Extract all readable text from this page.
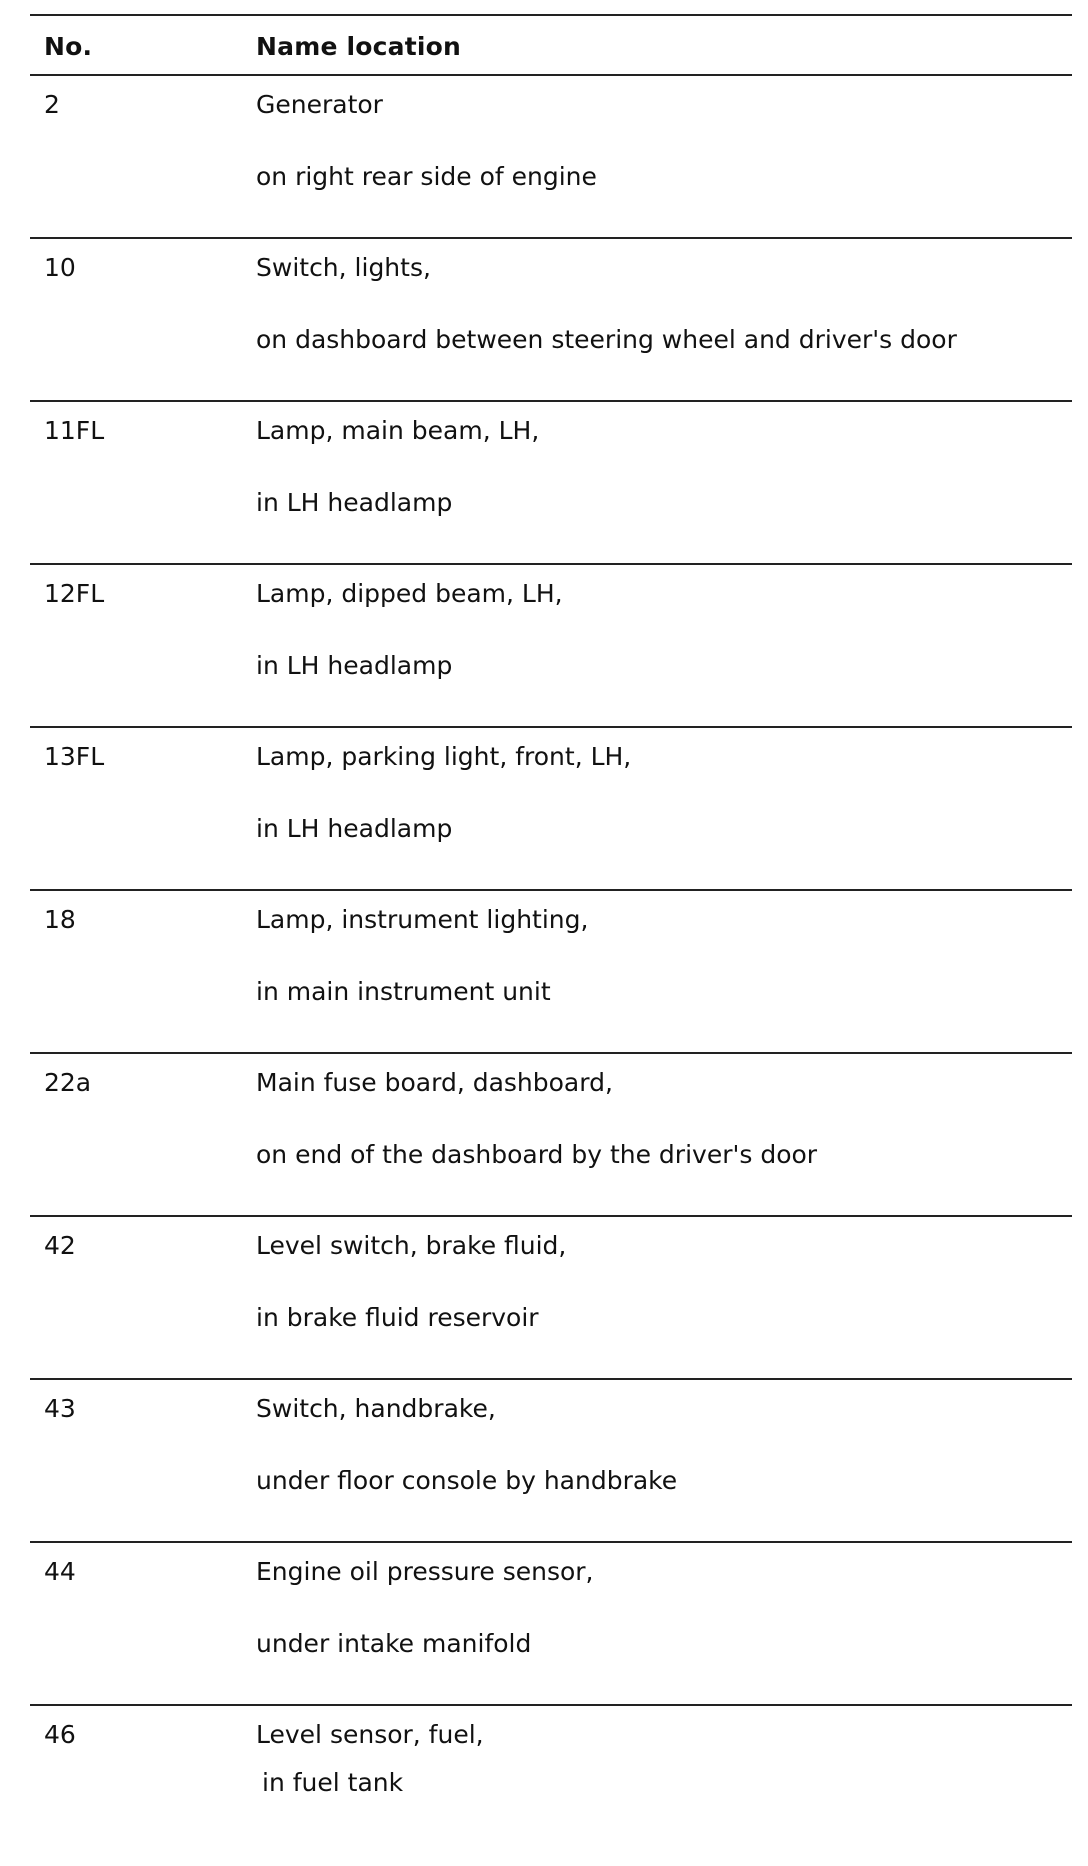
No.	Name location
2	Generator
on right rear side of engine
10	Switch, lights,
on dashboard between steering wheel and driver's door
11FL	Lamp, main beam, LH,
in LH headlamp
12FL	Lamp, dipped beam, LH,
in LH headlamp
13FL	Lamp, parking light, front, LH,
in LH headlamp
18	Lamp, instrument lighting,
in main instrument unit
22a	Main fuse board, dashboard,
on end of the dashboard by the driver's door
42	Level switch, brake fluid,
in brake fluid reservoir
43	Switch, handbrake,
under floor console by handbrake
44	Engine oil pressure sensor,
under intake manifold
46	Level sensor, fuel,
in fuel tank
